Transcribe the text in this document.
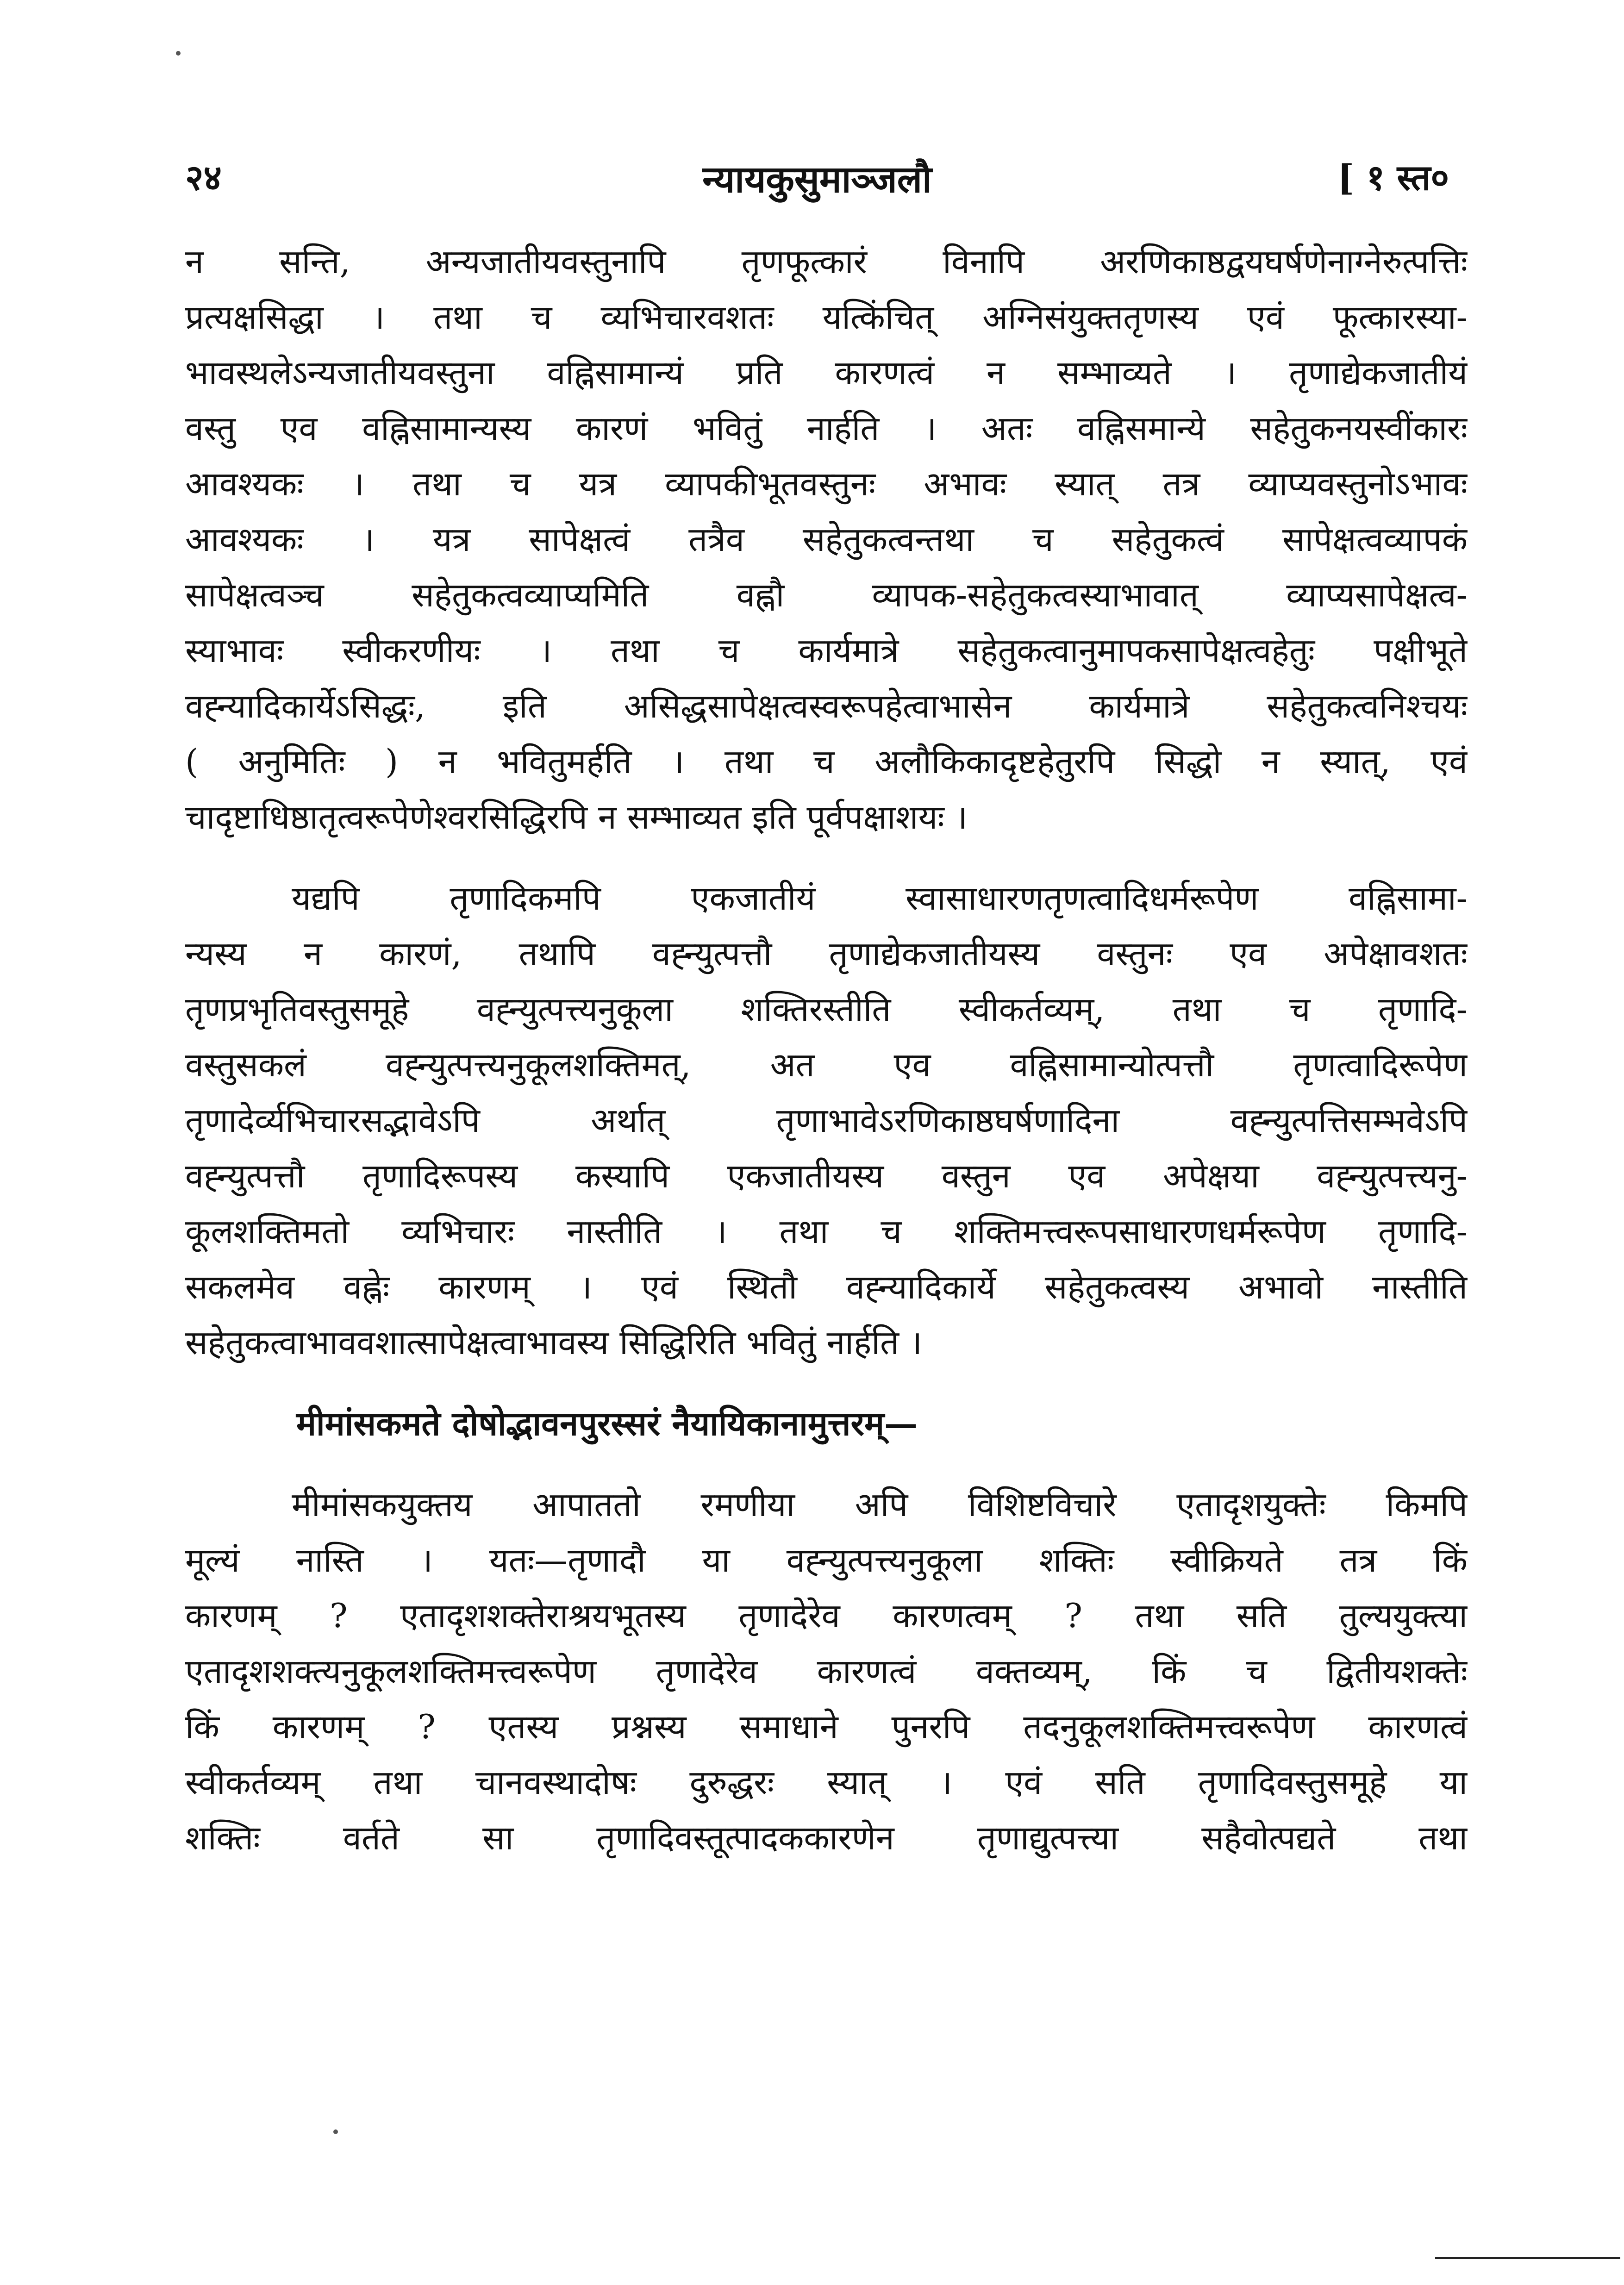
२४	न्यायकुसुमाञ्जलौ	[ १ स्त०
न सन्ति, अन्यजातीयवस्तुनापि तृणफूत्कारं विनापि अरणिकाष्ठद्वयघर्षणेनाग्नेरुत्पत्तिः
प्रत्यक्षसिद्धा । तथा च व्यभिचारवशतः यत्किंचित् अग्निसंयुक्ततृणस्य एवं फूत्कारस्या-
भावस्थलेऽन्यजातीयवस्तुना वह्निसामान्यं प्रति कारणत्वं न सम्भाव्यते । तृणाद्येकजातीयं
वस्तु एव वह्निसामान्यस्य कारणं भवितुं नार्हति । अतः वह्निसमान्ये सहेतुकनयस्वींकारः
आवश्यकः । तथा च यत्र व्यापकीभूतवस्तुनः अभावः स्यात् तत्र व्याप्यवस्तुनोऽभावः
आवश्यकः । यत्र सापेक्षत्वं तत्रैव सहेतुकत्वन्तथा च सहेतुकत्वं सापेक्षत्वव्यापकं
सापेक्षत्वञ्च सहेतुकत्वव्याप्यमिति वह्नौ व्यापक-सहेतुकत्वस्याभावात् व्याप्यसापेक्षत्व-
स्याभावः स्वीकरणीयः । तथा च कार्यमात्रे सहेतुकत्वानुमापकसापेक्षत्वहेतुः पक्षीभूते
वह्न्यादिकार्येऽसिद्धः, इति असिद्धसापेक्षत्वस्वरूपहेत्वाभासेन कार्यमात्रे सहेतुकत्वनिश्चयः
( अनुमितिः ) न भवितुमर्हति । तथा च अलौकिकादृष्टहेतुरपि सिद्धो न स्यात्, एवं
चादृष्टाधिष्ठातृत्वरूपेणेश्वरसिद्धिरपि न सम्भाव्यत इति पूर्वपक्षाशयः ।
यद्यपि तृणादिकमपि एकजातीयं स्वासाधारणतृणत्वादिधर्मरूपेण वह्निसामा-
न्यस्य न कारणं, तथापि वह्न्युत्पत्तौ तृणाद्येकजातीयस्य वस्तुनः एव अपेक्षावशतः
तृणप्रभृतिवस्तुसमूहे वह्न्युत्पत्त्यनुकूला शक्तिरस्तीति स्वीकर्तव्यम्, तथा च तृणादि-
वस्तुसकलं वह्न्युत्पत्त्यनुकूलशक्तिमत्, अत एव वह्निसामान्योत्पत्तौ तृणत्वादिरूपेण
तृणादेर्व्यभिचारसद्भावेऽपि अर्थात् तृणाभावेऽरणिकाष्ठघर्षणादिना वह्न्युत्पत्तिसम्भवेऽपि
वह्न्युत्पत्तौ तृणादिरूपस्य कस्यापि एकजातीयस्य वस्तुन एव अपेक्षया वह्न्युत्पत्त्यनु-
कूलशक्तिमतो व्यभिचारः नास्तीति । तथा च शक्तिमत्त्वरूपसाधारणधर्मरूपेण तृणादि-
सकलमेव वह्नेः कारणम् । एवं स्थितौ वह्न्यादिकार्ये सहेतुकत्वस्य अभावो नास्तीति
सहेतुकत्वाभाववशात्सापेक्षत्वाभावस्य सिद्धिरिति भवितुं नार्हति ।
मीमांसकमते दोषोद्भावनपुरस्सरं नैयायिकानामुत्तरम्—
मीमांसकयुक्तय आपाततो रमणीया अपि विशिष्टविचारे एतादृशयुक्तेः किमपि
मूल्यं नास्ति । यतः—तृणादौ या वह्न्युत्पत्त्यनुकूला शक्तिः स्वीक्रियते तत्र किं
कारणम् ? एतादृशशक्तेराश्रयभूतस्य तृणादेरेव कारणत्वम् ? तथा सति तुल्ययुक्त्या
एतादृशशक्त्यनुकूलशक्तिमत्त्वरूपेण तृणादेरेव कारणत्वं वक्तव्यम्, किं च द्वितीयशक्तेः
किं कारणम् ? एतस्य प्रश्नस्य समाधाने पुनरपि तदनुकूलशक्तिमत्त्वरूपेण कारणत्वं
स्वीकर्तव्यम् तथा चानवस्थादोषः दुरुद्धरः स्यात् । एवं सति तृणादिवस्तुसमूहे या
शक्तिः वर्तते सा तृणादिवस्तूत्पादककारणेन तृणाद्युत्पत्त्या सहैवोत्पद्यते तथा
